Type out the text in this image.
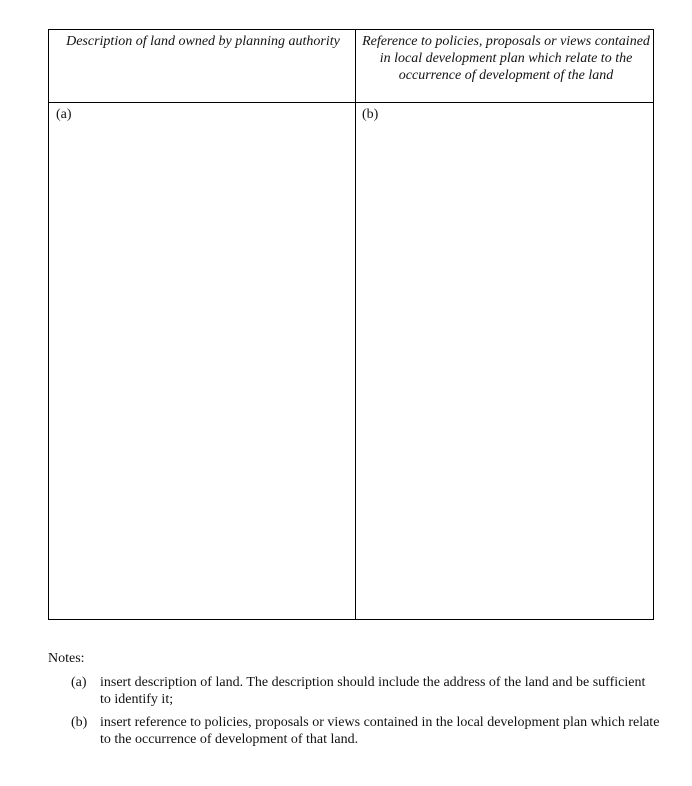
Description of land owned by planning authority Reference to policies, proposals or views contained in local development plan which relate to the occurrence of development of the land
(a)	(b)
Notes:
(a) insert description of land. The description should include the address of the land and be sufficient
to identify it;
(b) insert reference to policies, proposals or views contained in the local development plan which relate
to the occurrence of development of that land.
